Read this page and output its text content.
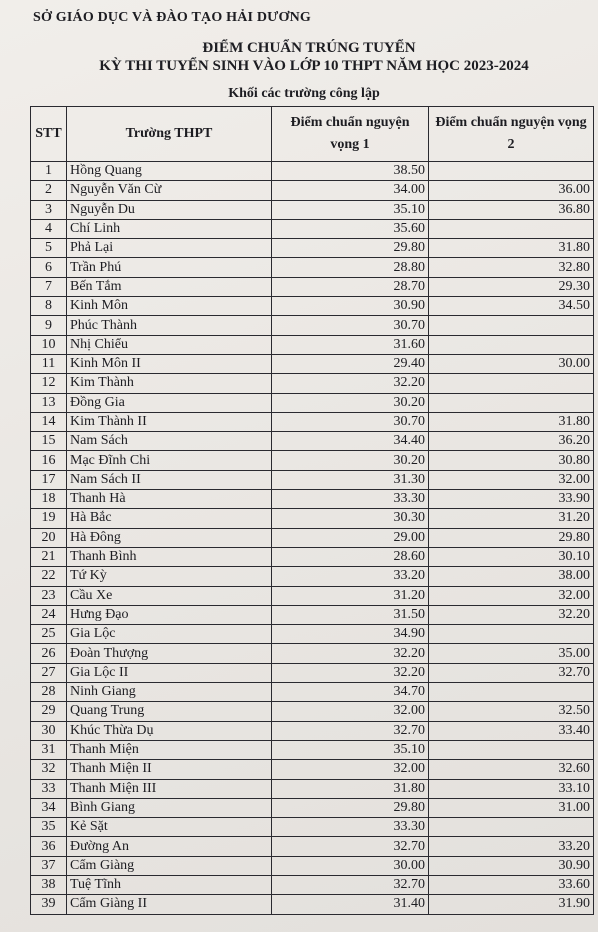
SỞ GIÁO DỤC VÀ ĐÀO TẠO HẢI DƯƠNG
ĐIỂM CHUẨN TRÚNG TUYỂN
KỲ THI TUYỂN SINH VÀO LỚP 10 THPT NĂM HỌC 2023-2024
Khối các trường công lập
STT	Trường THPT	Điểm chuẩn nguyện vọng 1	Điểm chuẩn nguyện vọng 2
1	Hồng Quang	38.50	
2	Nguyễn Văn Cừ	34.00	36.00
3	Nguyễn Du	35.10	36.80
4	Chí Linh	35.60	
5	Phả Lại	29.80	31.80
6	Trần Phú	28.80	32.80
7	Bến Tắm	28.70	29.30
8	Kinh Môn	30.90	34.50
9	Phúc Thành	30.70	
10	Nhị Chiểu	31.60	
11	Kinh Môn II	29.40	30.00
12	Kim Thành	32.20	
13	Đồng Gia	30.20	
14	Kim Thành II	30.70	31.80
15	Nam Sách	34.40	36.20
16	Mạc Đĩnh Chi	30.20	30.80
17	Nam Sách II	31.30	32.00
18	Thanh Hà	33.30	33.90
19	Hà Bắc	30.30	31.20
20	Hà Đông	29.00	29.80
21	Thanh Bình	28.60	30.10
22	Tứ Kỳ	33.20	38.00
23	Cầu Xe	31.20	32.00
24	Hưng Đạo	31.50	32.20
25	Gia Lộc	34.90	
26	Đoàn Thượng	32.20	35.00
27	Gia Lộc II	32.20	32.70
28	Ninh Giang	34.70	
29	Quang Trung	32.00	32.50
30	Khúc Thừa Dụ	32.70	33.40
31	Thanh Miện	35.10	
32	Thanh Miện II	32.00	32.60
33	Thanh Miện III	31.80	33.10
34	Bình Giang	29.80	31.00
35	Kẻ Sặt	33.30	
36	Đường An	32.70	33.20
37	Cẩm Giàng	30.00	30.90
38	Tuệ Tĩnh	32.70	33.60
39	Cẩm Giàng II	31.40	31.90
